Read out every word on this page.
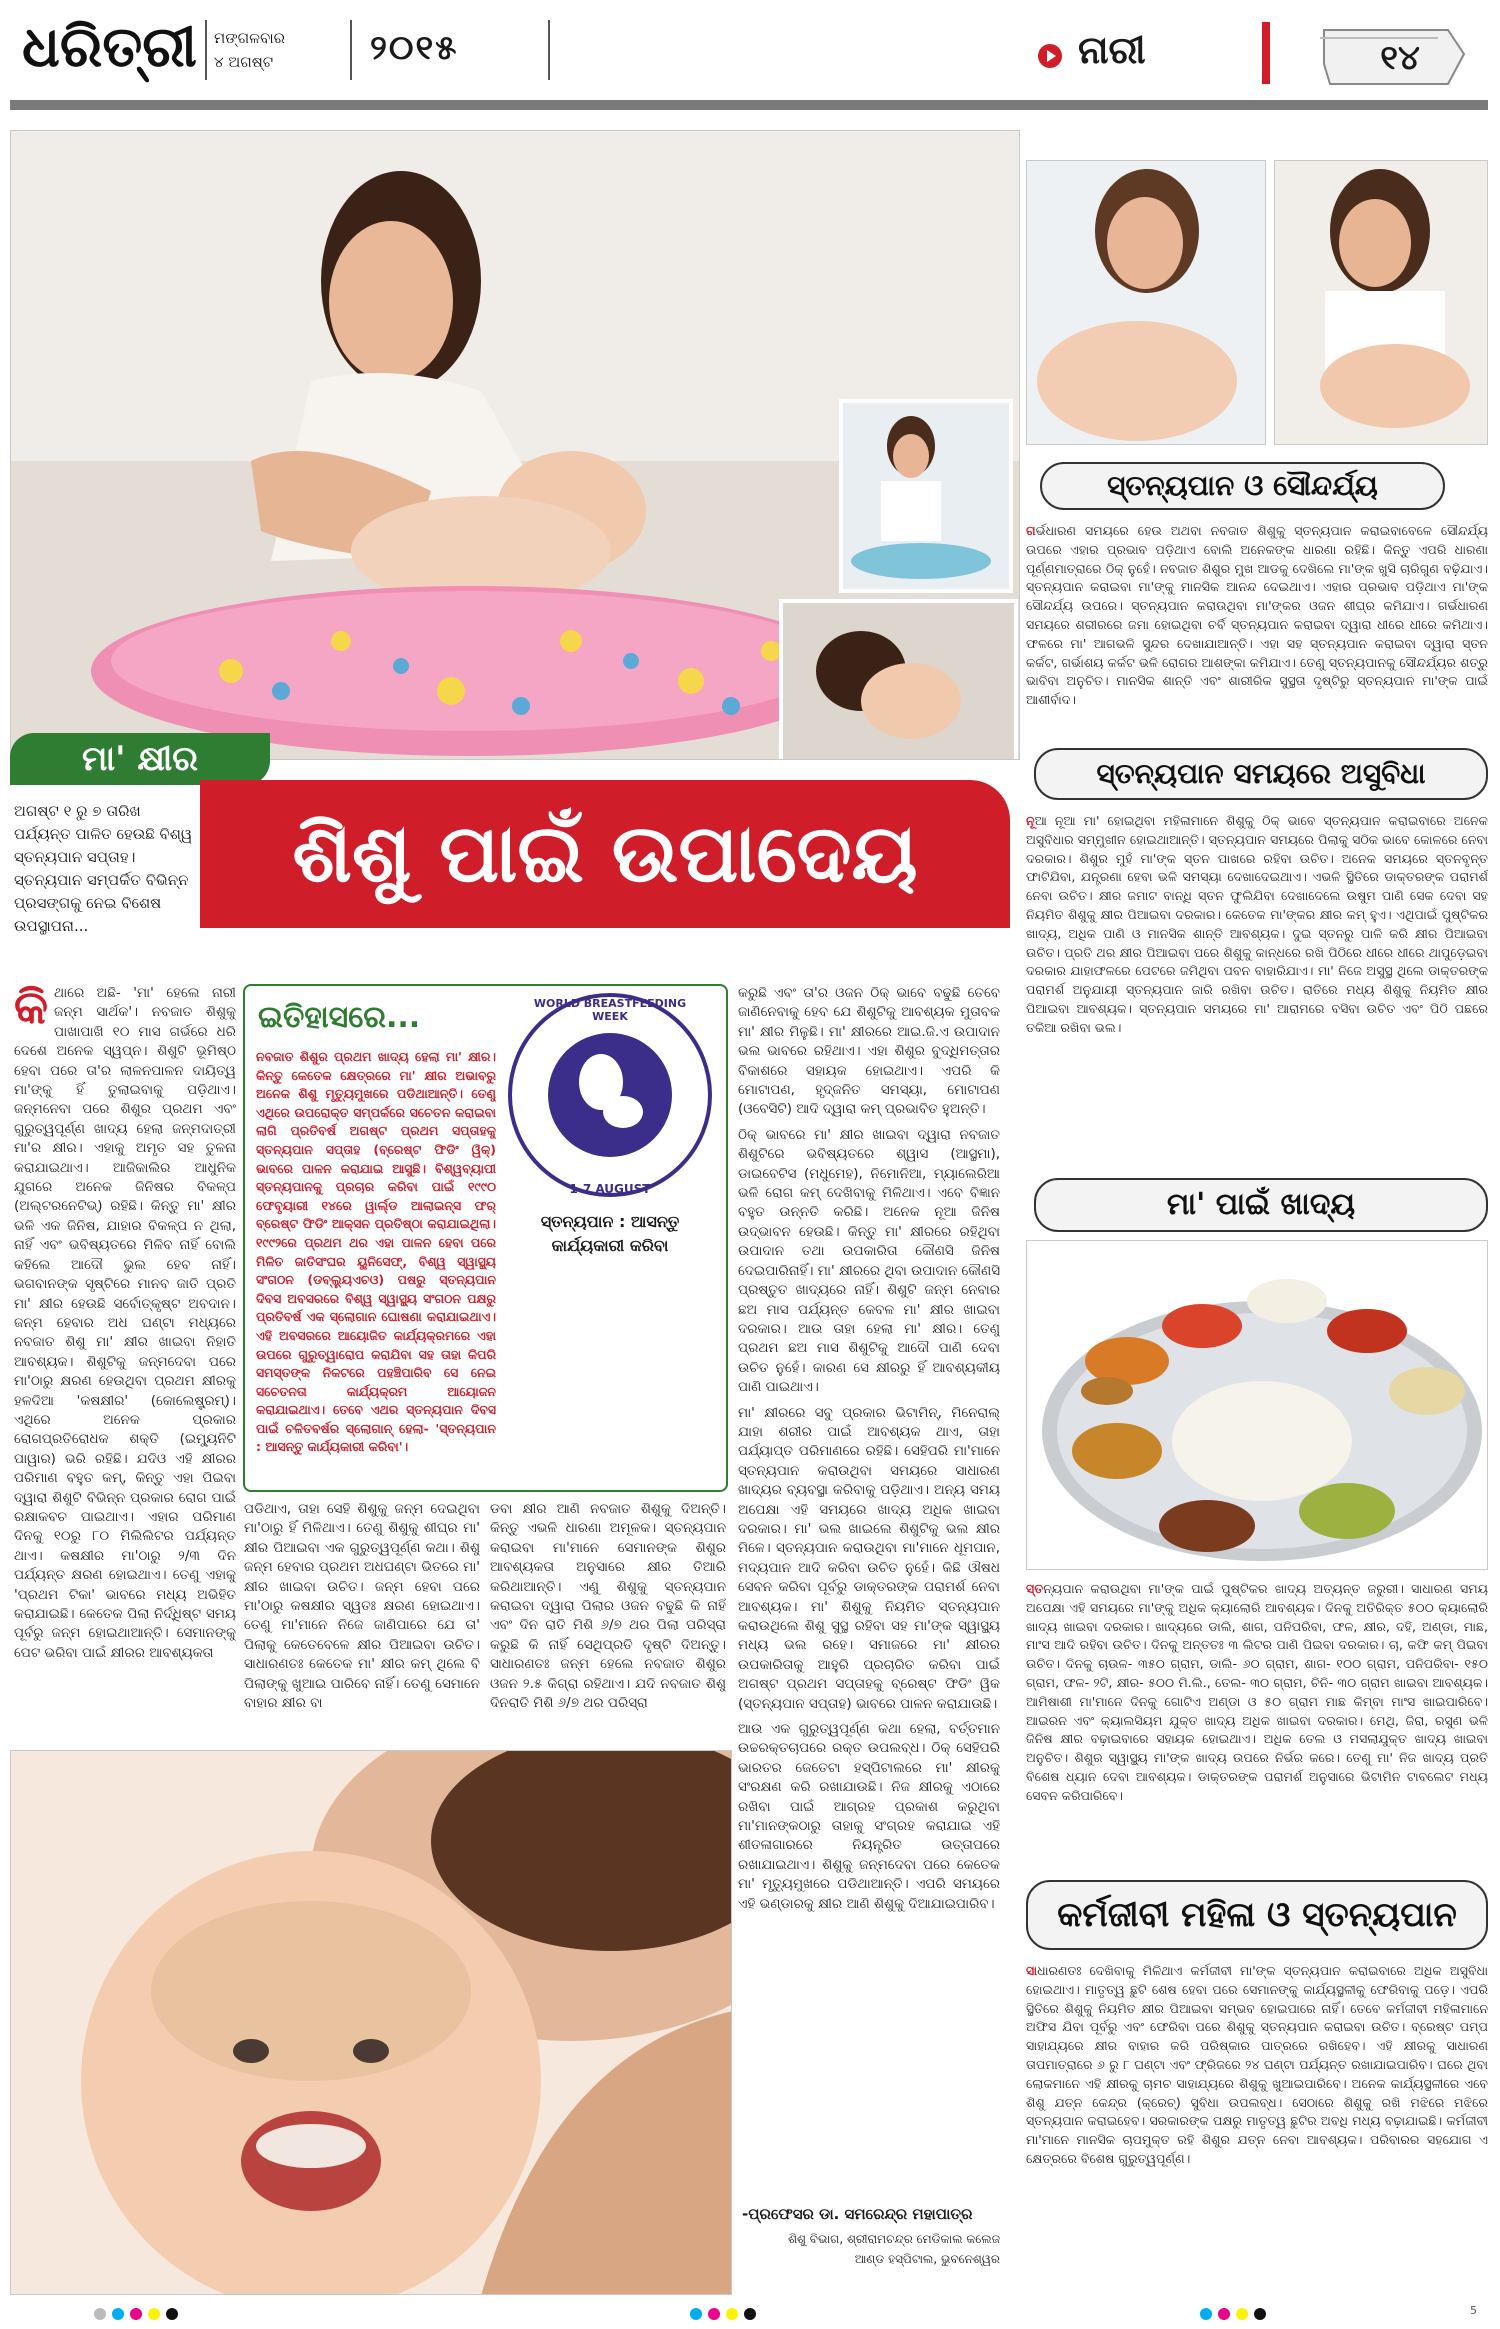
ଧରିତ୍ରୀ ମଙ୍ଗଳବାର
୪ ଅଗଷ୍ଟ	୨୦୧୫	ନାରୀ	୧୪
ମା' କ୍ଷୀର
ଅଗଷ୍ଟ ୧ ରୁ ୭ ତାରିଖ ପର୍ଯ୍ୟନ୍ତ ପାଳିତ ହେଉଛି ବିଶ୍ୱ ସ୍ତନ୍ୟପାନ ସପ୍ତାହ। ସ୍ତନ୍ୟପାନ ସମ୍ପର୍କିତ ବିଭିନ୍ନ ପ୍ରସଙ୍ଗକୁ ନେଇ ବିଶେଷ ଉପସ୍ଥାପନା...
ଶିଶୁ ପାଇଁ ଉପାଦେୟ
ଇତିହାସରେ...	WORLD BREASTFEEDING WEEK
1-7 AUGUST
ନବଜାତ ଶିଶୁର ପ୍ରଥମ ଖାଦ୍ୟ ହେଲା ମା' କ୍ଷୀର। କିନ୍ତୁ କେତେକ କ୍ଷେତ୍ରରେ ମା' କ୍ଷୀର ଅଭାବରୁ ଅନେକ ଶିଶୁ ମୃତ୍ୟୁମୁଖରେ ପଡିଥାଆନ୍ତି। ତେଣୁ ଏଥିରେ ଉପରୋକ୍ତ ସମ୍ପର୍କରେ ସଚେତନ କରାଇବା ଲାଗି ପ୍ରତିବର୍ଷ ଅଗଷ୍ଟ ପ୍ରଥମ ସପ୍ତାହକୁ ସ୍ତନ୍ୟପାନ ସପ୍ତାହ (ବ୍ରେଷ୍ଟ ଫିଡିଂ ୱିକ୍) ଭାବରେ ପାଳନ କରାଯାଇ ଆସୁଛି। ବିଶ୍ୱବ୍ୟାପୀ ସ୍ତନ୍ୟପାନକୁ ପ୍ରଚାର କରିବା ପାଇଁ ୧୯୯୦ ଫେବୃୟାରୀ ୧୪ରେ ୱାର୍ଲ୍ଡ ଆଲାଇନ୍ସ ଫର୍ ବ୍ରେଷ୍ଟ ଫିଡିଂ ଆକ୍ସନ ପ୍ରତିଷ୍ଠା କରାଯାଇଥିଲା। ୧୯୯୨ରେ ପ୍ରଥମ ଥର ଏହା ପାଳନ ହେବା ପରେ ମିଳିତ ଜାତିସଂଘର ୟୁନିସେଫ୍, ବିଶ୍ୱ ସ୍ୱାସ୍ଥ୍ୟ ସଂଗଠନ (ଡବ୍ଲ୍ୟୁଏଚଓ) ପଷରୁ ସ୍ତନ୍ୟପାନ ଦିବସ ଅବସରରେ ବିଶ୍ୱ ସ୍ୱାସ୍ଥ୍ୟ ସଂଗଠନ ପକ୍ଷରୁ ପ୍ରତିବର୍ଷ ଏକ ସ୍ଲୋଗାନ ଘୋଷଣା କରାଯାଇଥାଏ। ଏହି ଅବସରରେ ଆୟୋଜିତ କାର୍ଯ୍ୟକ୍ରମରେ ଏହା ଉପରେ ଗୁରୁତ୍ୱାରୋପ କରାଯିବା ସହ ତାହା କିପରି ସମସ୍ତଙ୍କ ନିକଟରେ ପହଞ୍ଚିପାରିବ ସେ ନେଇ ସଚେତନତା କାର୍ଯ୍ୟକ୍ରମ ଆୟୋଜନ କରାଯାଇଥାଏ। ତେବେ ଏଥର ସ୍ତନ୍ୟପାନ ଦିବସ ପାଇଁ ଚଳିତବର୍ଷର ସ୍ଲୋଗାନ୍ ହେଲା- 'ସ୍ତନ୍ୟପାନ : ଆସନ୍ତୁ କାର୍ଯ୍ୟକାରୀ କରିବା'।
ସ୍ତନ୍ୟପାନ : ଆସନ୍ତୁ
କାର୍ଯ୍ୟକାରୀ କରିବା
କି ଥାରେ ଅଛି- 'ମା' ହେଲେ ନାରୀ ଜନ୍ମ ସାର୍ଥକ'। ନବଜାତ ଶିଶୁକୁ ପାଖାପାଖି ୧୦ ମାସ ଗର୍ଭରେ ଧରି ଦେଶେ ଅନେକ ସ୍ୱପ୍ନ। ଶିଶୁଟି ଭୂମିଷ୍ଠ ହେବା ପରେ ତା'ର ଲାଳନପାଳନ ଦାୟିତ୍ୱ ମା'ଙ୍କୁ ହିଁ ତୁଲାଇବାକୁ ପଡ଼ିଥାଏ। ଜନ୍ମନେବା ପରେ ଶିଶୁର ପ୍ରଥମ ଏବଂ ଗୁରୁତ୍ୱପୂର୍ଣ୍ଣ ଖାଦ୍ୟ ହେଲା ଜନ୍ମଦାତ୍ରୀ ମା'ର କ୍ଷୀର। ଏହାକୁ ଅମୃତ ସହ ତୁଳନା କରାଯାଇଥାଏ। ଆଜିକାଲିର ଆଧୁନିକ ଯୁଗରେ ଅନେକ ଜିନିଷର ବିକଳ୍ପ (ଅଲ୍ଟରନେଟିଭ୍) ରହିଛି। କିନ୍ତୁ ମା' କ୍ଷୀର ଭଳି ଏକ ଜିନିଷ, ଯାହାର ବିକଳ୍ପ ନ ଥିଲା, ନାହିଁ ଏବଂ ଭବିଷ୍ୟତରେ ମିଳିବ ନାହିଁ ବୋଲି କହିଲେ ଆଦୌ ଭୁଲ ହେବ ନାହିଁ। ଭଗବାନଙ୍କ ସୃଷ୍ଟିରେ ମାନବ ଜାତି ପ୍ରତି ମା' କ୍ଷୀର ହେଉଛି ସର୍ବୋତ୍କୃଷ୍ଟ ଅବଦାନ। ଜନ୍ମ ହେବାର ଅଧ ଘଣ୍ଟା ମଧ୍ୟରେ ନବଜାତ ଶିଶୁ ମା' କ୍ଷୀର ଖାଇବା ନିହାତି ଆବଶ୍ୟକ। ଶିଶୁଟିକୁ ଜନ୍ମଦେବା ପରେ ମା'ଠାରୁ କ୍ଷରଣ ହେଉଥିବା ପ୍ରଥମ କ୍ଷୀରକୁ ହଳଦିଆ 'କଷକ୍ଷୀର' (କୋଲେଷ୍ଟ୍ରମ୍)। ଏଥିରେ ଅନେକ ପ୍ରକାର ରୋଗପ୍ରତିରୋଧକ ଶକ୍ତି (ଇମ୍ୟୁନିଟି ପାୱାର) ଭରି ରହିଛି। ଯଦିଓ ଏହି କ୍ଷୀରର ପରିମାଣ ବହୁତ କମ୍, କିନ୍ତୁ ଏହା ପିଇବା ଦ୍ୱାରା ଶିଶୁଟି ବିଭିନ୍ନ ପ୍ରକାର ରୋଗ ପାଇଁ ରକ୍ଷାକବଚ ପାଇଥାଏ। ଏହାର ପରିମାଣ ଦିନକୁ ୧୦ରୁ ୮୦ ମିଲିଲିଟର ପର୍ଯ୍ୟନ୍ତ ଥାଏ। କଷକ୍ଷୀର ମା'ଠାରୁ ୨/୩ ଦିନ ପର୍ଯ୍ୟନ୍ତ କ୍ଷରଣ ହୋଇଥାଏ। ତେଣୁ ଏହାକୁ 'ପ୍ରଥମ ଟିକା' ଭାବରେ ମଧ୍ୟ ଅଭିହିତ କରାଯାଇଛି। କେତେକ ପିଲା ନିର୍ଦ୍ଧିଷ୍ଟ ସମୟ ପୂର୍ବରୁ ଜନ୍ମ ହୋଇଥାଆନ୍ତି। ସେମାନଙ୍କୁ ପେଟ ଭରିବା ପାଇଁ କ୍ଷୀରର ଆବଶ୍ୟକତା
ପଡିଥାଏ, ତାହା ସେହି ଶିଶୁକୁ ଜନ୍ମ ଦେଇଥିବା ମା'ଠାରୁ ହିଁ ମିଳିଥାଏ। ତେଣୁ ଶିଶୁକୁ ଶୀଘ୍ର ମା' କ୍ଷୀର ପିଆଇବା ଏକ ଗୁରୁତ୍ୱପୂର୍ଣ୍ଣ କଥା। ଶିଶୁ ଜନ୍ମ ହେବାର ପ୍ରଥମ ଅଧଘଣ୍ଟା ଭିତରେ ମା' କ୍ଷୀର ଖାଇବା ଉଚିତ। ଜନ୍ମ ହେବା ପରେ ମା'ଠାରୁ କଷକ୍ଷୀର ସ୍ୱତଃ କ୍ଷରଣ ହୋଇଥାଏ। ତେଣୁ ମା'ମାନେ ନିଜେ ଜାଣିପାରେ ଯେ ତା' ପିଲାକୁ କେତେବେଳେ କ୍ଷୀର ପିଆଇବା ଉଚିତ। ସାଧାରଣତଃ କେତେକ ମା' କ୍ଷୀର କମ୍ ଥିଲେ ବି ପିଲାଙ୍କୁ ଖୁଆଇ ପାରିବେ ନାହିଁ। ତେଣୁ ସେମାନେ ବାହାର କ୍ଷୀର ବା
ଡବା କ୍ଷୀର ଆଣି ନବଜାତ ଶିଶୁକୁ ଦିଅନ୍ତି। କିନ୍ତୁ ଏଭଳି ଧାରଣା ଅମୂଳକ। ସ୍ତନ୍ୟପାନ କରାଇବା ମା'ମାନେ ସେମାନଙ୍କ ଶିଶୁର ଆବଶ୍ୟକତା ଅନୁସାରେ କ୍ଷୀର ତିଆରି କରିଥାଆନ୍ତି। ଏଣୁ ଶିଶୁକୁ ସ୍ତନ୍ୟପାନ କରାଇବା ଦ୍ୱାରା ପିଲାର ଓଜନ ବଢୁଛି କି ନାହିଁ ଏବଂ ଦିନ ରାତି ମିଶି ୬/୭ ଥର ପିଲା ପରିସ୍ରା କରୁଛି କି ନାହିଁ ସେଥିପ୍ରତି ଦୃଷ୍ଟି ଦିଅନ୍ତୁ। ସାଧାରଣତଃ ଜନ୍ମ ହେଲେ ନବଜାତ ଶିଶୁର ଓଜନ ୨.୫ କିଗ୍ରା ରହିଥାଏ। ଯଦି ନବଜାତ ଶିଶୁ ଦିନରାତି ମିଶି ୬/୭ ଥର ପରିସ୍ରା

କରୁଛି ଏବଂ ତା'ର ଓଜନ ଠିକ୍ ଭାବେ ବଢୁଛି ତେବେ ଜାଣିନେବାକୁ ହେବ ଯେ ଶିଶୁଟିକୁ ଆବଶ୍ୟକ ମୁତାବକ ମା' କ୍ଷୀର ମିଳୁଛି। ମା' କ୍ଷୀରରେ ଆଇ.ଜି.ଏ ଉପାଦାନ ଭଲ ଭାବରେ ରହିଥାଏ। ଏହା ଶିଶୁର ବୁଦ୍ଧିମତ୍ତାର ବିକାଶରେ ସହାୟକ ହୋଇଥାଏ। ଏପରି କି ମୋଟାପଣ, ହୃଦ୍‌ଜନିତ ସମସ୍ୟା, ମୋଟାପଣ (ଓବେସିଟି) ଆଦି ଦ୍ୱାରା କମ୍ ପ୍ରଭାବିତ ହୁଅନ୍ତି।

ଠିକ୍ ଭାବରେ ମା' କ୍ଷୀର ଖାଇବା ଦ୍ୱାରା ନବଜାତ ଶିଶୁଟିରେ ଭବିଷ୍ୟତରେ ଶ୍ୱାସ (ଆସ୍ଥମା), ଡାଇବେଟିସ (ମଧୁମେହ), ନିମୋନିଆ, ମ୍ୟାଲେରିଆ ଭଳି ରୋଗ କମ୍ ଦେଖିବାକୁ ମିଳିଥାଏ। ଏବେ ବିଜ୍ଞାନ ବହୁତ ଉନ୍ନତି କରିଛି। ଅନେକ ନୂଆ ଜିନିଷ ଉଦ୍ଭାବନ ହେଉଛି। କିନ୍ତୁ ମା' କ୍ଷୀରରେ ରହିଥିବା ଉପାଦାନ ତଥା ଉପକାରିତା କୌଣସି ଜିନିଷ ଦେଇପାରିନାହିଁ। ମା' କ୍ଷୀରରେ ଥିବା ଉପାଦାନ କୌଣସି ପ୍ରଷ୍ତୁତ ଖାଦ୍ୟରେ ନାହିଁ। ଶିଶୁଟି ଜନ୍ମ ନେବାର ଛଅ ମାସ ପର୍ଯ୍ୟନ୍ତ କେବଳ ମା' କ୍ଷୀର ଖାଇବା ଦରକାର। ଆଉ ତାହା ହେଲା ମା' କ୍ଷୀର। ତେଣୁ ପ୍ରଥମ ଛଅ ମାସ ଶିଶୁଟିକୁ ଆଦୌ ପାଣି ଦେବା ଉଚିତ ନୁହେଁ। କାରଣ ସେ କ୍ଷୀରରୁ ହିଁ ଆବଶ୍ୟକୀୟ ପାଣି ପାଇଥାଏ।

ମା' କ୍ଷୀରରେ ସବୁ ପ୍ରକାର ଭିଟାମିନ୍, ମିନେରାଲ୍ ଯାହା ଶରୀର ପାଇଁ ଆବଶ୍ୟକ ଥାଏ, ତାହା ପର୍ଯ୍ୟାପ୍ତ ପରିମାଣରେ ରହିଛି। ସେହିପରି ମା'ମାନେ ସ୍ତନ୍ୟପାନ କରାଉଥିବା ସମୟରେ ସାଧାରଣ ଖାଦ୍ୟର ବ୍ୟବସ୍ଥା କରିବାକୁ ପଡ଼ିଥାଏ। ଅନ୍ୟ ସମୟ ଅପେକ୍ଷା ଏହି ସମୟରେ ଖାଦ୍ୟ ଅଧିକ ଖାଇବା ଦରକାର। ମା' ଭଲ ଖାଇଲେ ଶିଶୁଟିକୁ ଭଲ କ୍ଷୀର ମିଳେ। ସ୍ତନ୍ୟପାନ କରାଉଥିବା ମା'ମାନେ ଧୂମପାନ, ମଦ୍ୟପାନ ଆଦି କରିବା ଉଚିତ ନୁହେଁ। କିଛି ଔଷଧ ସେବନ କରିବା ପୂର୍ବରୁ ଡାକ୍ତରଙ୍କ ପରାମର୍ଶ ନେବା ଆବଶ୍ୟକ। ମା' ଶିଶୁକୁ ନିୟମିତ ସ୍ତନ୍ୟପାନ କରାଉଥିଲେ ଶିଶୁ ସୁସ୍ଥ ରହିବା ସହ ମା'ଙ୍କ ସ୍ୱାସ୍ଥ୍ୟ ମଧ୍ୟ ଭଲ ରହେ। ସମାଜରେ ମା' କ୍ଷୀରର ଉପକାରିତାକୁ ଆହୁରି ପ୍ରଚାରିତ କରିବା ପାଇଁ ଅଗଷ୍ଟ ପ୍ରଥମ ସପ୍ତାହକୁ ବ୍ରେଷ୍ଟ ଫିଡିଂ ୱିକ (ସ୍ତନ୍ୟପାନ ସପ୍ତାହ) ଭାବରେ ପାଳନ କରାଯାଉଛି।

ଆଉ ଏକ ଗୁରୁତ୍ୱପୂର୍ଣ୍ଣ କଥା ହେଲା, ବର୍ତ୍ତମାନ ଉଚ୍ଚରକ୍ତଚାପରେ ରକ୍ତ ଉପଲବ୍ଧ। ଠିକ୍ ସେହିପରି ଭାରତର ଜେତେଟା ହସ୍ପିଟାଲରେ ମା' କ୍ଷୀରକୁ ସଂରକ୍ଷଣ କରି ରଖାଯାଉଛି। ନିଜ କ୍ଷୀରକୁ ଏଠାରେ ରଖିବା ପାଇଁ ଆଗ୍ରହ ପ୍ରକାଶ କରୁଥିବା ମା'ମାନଙ୍କଠାରୁ ତାହାକୁ ସଂଗ୍ରହ କରାଯାଇ ଏହି ଶୀତଳାଗାରରେ ନିୟନ୍ତ୍ରିତ ଉତ୍ତାପରେ ରଖାଯାଇଥାଏ। ଶିଶୁକୁ ଜନ୍ମଦେବା ପରେ କେତେକ ମା' ମୃତ୍ୟୁମୁଖରେ ପଡିଥାଆନ୍ତି। ଏପରି ସମୟରେ ଏହି ଭଣ୍ଡାରକୁ କ୍ଷୀର ଆଣି ଶିଶୁକୁ ଦିଆଯାଇପାରିବ।

-ପ୍ରଫେସର ଡା. ସମରେନ୍ଦ୍ର ମହାପାତ୍ର
ଶିଶୁ ବିଭାଗ, ଶ୍ରୀରାମଚନ୍ଦ୍ର ମେଡିକାଲ କଲେଜ
ଆଣ୍ଡ ହସ୍ପିଟାଲ, ଭୁବନେଶ୍ୱର
ସ୍ତନ୍ୟପାନ ଓ ସୌନ୍ଦର୍ଯ୍ୟ
ଗର୍ଭଧାରଣ ସମୟରେ ହେଉ ଅଥବା ନବଜାତ ଶିଶୁକୁ ସ୍ତନ୍ୟପାନ କରାଇବାବେଳେ ସୌନ୍ଦର୍ଯ୍ୟ ଉପରେ ଏହାର ପ୍ରଭାବ ପଡ଼ିଥାଏ ବୋଲି ଅନେକଙ୍କ ଧାରଣା ରହିଛି। କିନ୍ତୁ ଏପରି ଧାରଣା ପୂର୍ଣ୍ଣମାତ୍ରାରେ ଠିକ୍ ନୁହେଁ। ନବଜାତ ଶିଶୁର ମୁଖ ଆଡକୁ ଦେଖିଲେ ମା'ଙ୍କ ଖୁସି ଚାରିଗୁଣ ବଢ଼ିଯାଏ। ସ୍ତନ୍ୟପାନ କରାଇବା ମା'ଙ୍କୁ ମାନସିକ ଆନନ୍ଦ ଦେଇଥାଏ। ଏହାର ପ୍ରଭାବ ପଡ଼ିଥାଏ ମା'ଙ୍କ ସୌନ୍ଦର୍ଯ୍ୟ ଉପରେ। ସ୍ତନ୍ୟପାନ କରାଉଥିବା ମା'ଙ୍କର ଓଜନ ଶୀଘ୍ର କମିଯାଏ। ଗର୍ଭଧାରଣ ସମୟରେ ଶରୀରରେ ଜମା ହୋଇଥିବା ଚର୍ବି ସ୍ତନ୍ୟପାନ କରାଇବା ଦ୍ୱାରା ଧୀରେ ଧୀରେ କମିଥାଏ। ଫଳରେ ମା' ଆଗଭଳି ସୁନ୍ଦର ଦେଖାଯାଆନ୍ତି। ଏହା ସହ ସ୍ତନ୍ୟପାନ କରାଇବା ଦ୍ୱାରା ସ୍ତନ କର୍କଟ, ଗର୍ଭାଶୟ କର୍କଟ ଭଳି ରୋଗର ଆଶଙ୍କା କମିଯାଏ। ତେଣୁ ସ୍ତନ୍ୟପାନକୁ ସୌନ୍ଦର୍ଯ୍ୟର ଶତ୍ରୁ ଭାବିବା ଅନୁଚିତ। ମାନସିକ ଶାନ୍ତି ଏବଂ ଶାରୀରିକ ସୁସ୍ଥତା ଦୃଷ୍ଟିରୁ ସ୍ତନ୍ୟପାନ ମା'ଙ୍କ ପାଇଁ ଆଶୀର୍ବାଦ।
ସ୍ତନ୍ୟପାନ ସମୟରେ ଅସୁବିଧା
ନୂଆ ନୂଆ ମା' ହୋଇଥିବା ମହିଳାମାନେ ଶିଶୁକୁ ଠିକ୍ ଭାବେ ସ୍ତନ୍ୟପାନ କରାଇବାରେ ଅନେକ ଅସୁବିଧାର ସମ୍ମୁଖୀନ ହୋଇଥାଆନ୍ତି। ସ୍ତନ୍ୟପାନ ସମୟରେ ପିଲାକୁ ସଠିକ ଭାବେ କୋଳରେ ନେବା ଦରକାର। ଶିଶୁର ମୁହଁ ମା'ଙ୍କ ସ୍ତନ ପାଖରେ ରହିବା ଉଚିତ। ଅନେକ ସମୟରେ ସ୍ତନବୃନ୍ତ ଫାଟିଯିବା, ଯନ୍ତ୍ରଣା ହେବା ଭଳି ସମସ୍ୟା ଦେଖାଦେଇଥାଏ। ଏଭଳି ସ୍ଥିତିରେ ଡାକ୍ତରଙ୍କ ପରାମର୍ଶ ନେବା ଉଚିତ। କ୍ଷୀର ଜମାଟ ବାନ୍ଧି ସ୍ତନ ଫୁଲିଯିବା ଦେଖାଦେଲେ ଉଷୁମ ପାଣି ସେକ ଦେବା ସହ ନିୟମିତ ଶିଶୁକୁ କ୍ଷୀର ପିଆଇବା ଦରକାର। କେତେକ ମା'ଙ୍କର କ୍ଷୀର କମ୍ ହୁଏ। ଏଥିପାଇଁ ପୁଷ୍ଟିକର ଖାଦ୍ୟ, ଅଧିକ ପାଣି ଓ ମାନସିକ ଶାନ୍ତି ଆବଶ୍ୟକ। ଦୁଇ ସ୍ତନରୁ ପାଳି କରି କ୍ଷୀର ପିଆଇବା ଉଚିତ। ପ୍ରତି ଥର କ୍ଷୀର ପିଆଇବା ପରେ ଶିଶୁକୁ କାନ୍ଧରେ ରଖି ପିଠିରେ ଧୀରେ ଧୀରେ ଥାପୁଡ଼େଇବା ଦରକାର ଯାହାଫଳରେ ପେଟରେ ଜମିଥିବା ପବନ ବାହାରିଯାଏ। ମା' ନିଜେ ଅସୁସ୍ଥ ଥିଲେ ଡାକ୍ତରଙ୍କ ପରାମର୍ଶ ଅନୁଯାୟୀ ସ୍ତନ୍ୟପାନ ଜାରି ରଖିବା ଉଚିତ। ରାତିରେ ମଧ୍ୟ ଶିଶୁକୁ ନିୟମିତ କ୍ଷୀର ପିଆଇବା ଆବଶ୍ୟକ। ସ୍ତନ୍ୟପାନ ସମୟରେ ମା' ଆରାମରେ ବସିବା ଉଚିତ ଏବଂ ପିଠି ପଛରେ ତକିଆ ରଖିବା ଭଲ।
ମା' ପାଇଁ ଖାଦ୍ୟ
ସ୍ତନ୍ୟପାନ କରାଉଥିବା ମା'ଙ୍କ ପାଇଁ ପୁଷ୍ଟିକର ଖାଦ୍ୟ ଅତ୍ୟନ୍ତ ଜରୁରୀ। ସାଧାରଣ ସମୟ ଅପେକ୍ଷା ଏହି ସମୟରେ ମା'ଙ୍କୁ ଅଧିକ କ୍ୟାଲୋରି ଆବଶ୍ୟକ। ଦିନକୁ ଅତିରିକ୍ତ ୫୦୦ କ୍ୟାଲୋରି ଖାଦ୍ୟ ଖାଇବା ଦରକାର। ଖାଦ୍ୟରେ ଡାଲି, ଶାଗ, ପନିପରିବା, ଫଳ, କ୍ଷୀର, ଦହି, ଅଣ୍ଡା, ମାଛ, ମାଂସ ଆଦି ରହିବା ଉଚିତ। ଦିନକୁ ଅନ୍ତତଃ ୩ ଲିଟର ପାଣି ପିଇବା ଦରକାର। ଚା, କଫି କମ୍ ପିଇବା ଉଚିତ। ଦିନକୁ ଚାଉଳ- ୩୫୦ ଗ୍ରାମ, ଡାଲି- ୬୦ ଗ୍ରାମ, ଶାଗ- ୧୦୦ ଗ୍ରାମ, ପନିପରିବା- ୧୫୦ ଗ୍ରାମ, ଫଳ- ୨ଟି, କ୍ଷୀର- ୫୦୦ ମି.ଲି., ତେଲ- ୩୦ ଗ୍ରାମ, ଚିନି- ୩୦ ଗ୍ରାମ ଖାଇବା ଆବଶ୍ୟକ। ଆମିଷାଶୀ ମା'ମାନେ ଦିନକୁ ଗୋଟିଏ ଅଣ୍ଡା ଓ ୫୦ ଗ୍ରାମ ମାଛ କିମ୍ବା ମାଂସ ଖାଇପାରିବେ। ଆଇରନ ଏବଂ କ୍ୟାଲସିୟମ ଯୁକ୍ତ ଖାଦ୍ୟ ଅଧିକ ଖାଇବା ଦରକାର। ମେଥି, ଜିରା, ରସୁଣ ଭଳି ଜିନିଷ କ୍ଷୀର ବଢ଼ାଇବାରେ ସହାୟକ ହୋଇଥାଏ। ଅଧିକ ତେଲ ଓ ମସଲାଯୁକ୍ତ ଖାଦ୍ୟ ଖାଇବା ଅନୁଚିତ। ଶିଶୁର ସ୍ୱାସ୍ଥ୍ୟ ମା'ଙ୍କ ଖାଦ୍ୟ ଉପରେ ନିର୍ଭର କରେ। ତେଣୁ ମା' ନିଜ ଖାଦ୍ୟ ପ୍ରତି ବିଶେଷ ଧ୍ୟାନ ଦେବା ଆବଶ୍ୟକ। ଡାକ୍ତରଙ୍କ ପରାମର୍ଶ ଅନୁସାରେ ଭିଟାମିନ ଟାବଲେଟ ମଧ୍ୟ ସେବନ କରିପାରିବେ।
କର୍ମଜୀବୀ ମହିଳା ଓ ସ୍ତନ୍ୟପାନ
ସାଧାରଣତଃ ଦେଖିବାକୁ ମିଳିଥାଏ କର୍ମଜୀବୀ ମା'ଙ୍କ ସ୍ତନ୍ୟପାନ କରାଇବାରେ ଅଧିକ ଅସୁବିଧା ହୋଇଥାଏ। ମାତୃତ୍ୱ ଛୁଟି ଶେଷ ହେବା ପରେ ସେମାନଙ୍କୁ କାର୍ଯ୍ୟସ୍ଥଳୀକୁ ଫେରିବାକୁ ପଡ଼େ। ଏପରି ସ୍ଥିତିରେ ଶିଶୁକୁ ନିୟମିତ କ୍ଷୀର ପିଆଇବା ସମ୍ଭବ ହୋଇପାରେ ନାହିଁ। ତେବେ କର୍ମଜୀବୀ ମହିଳାମାନେ ଅଫିସ ଯିବା ପୂର୍ବରୁ ଏବଂ ଫେରିବା ପରେ ଶିଶୁକୁ ସ୍ତନ୍ୟପାନ କରାଇବା ଉଚିତ। ବ୍ରେଷ୍ଟ ପମ୍ପ ସାହାଯ୍ୟରେ କ୍ଷୀର ବାହାର କରି ପରିଷ୍କାର ପାତ୍ରରେ ରଖିହେବ। ଏହି କ୍ଷୀରକୁ ସାଧାରଣ ତାପମାତ୍ରାରେ ୬ ରୁ ୮ ଘଣ୍ଟା ଏବଂ ଫ୍ରିଜରେ ୨୪ ଘଣ୍ଟା ପର୍ଯ୍ୟନ୍ତ ରଖାଯାଇପାରିବ। ଘରେ ଥିବା ଲୋକମାନେ ଏହି କ୍ଷୀରକୁ ଚାମଚ ସାହାଯ୍ୟରେ ଶିଶୁକୁ ଖୁଆଇପାରିବେ। ଅନେକ କାର୍ଯ୍ୟସ୍ଥଳୀରେ ଏବେ ଶିଶୁ ଯତ୍ନ କେନ୍ଦ୍ର (କ୍ରେଚ୍) ସୁବିଧା ଉପଲବ୍ଧ। ସେଠାରେ ଶିଶୁକୁ ରଖି ମଝିରେ ମଝିରେ ସ୍ତନ୍ୟପାନ କରାଇହେବ। ସରକାରଙ୍କ ପକ୍ଷରୁ ମାତୃତ୍ୱ ଛୁଟିର ଅବଧି ମଧ୍ୟ ବଢ଼ାଯାଇଛି। କର୍ମଜୀବୀ ମା'ମାନେ ମାନସିକ ଚାପମୁକ୍ତ ରହି ଶିଶୁର ଯତ୍ନ ନେବା ଆବଶ୍ୟକ। ପରିବାରର ସହଯୋଗ ଏ କ୍ଷେତ୍ରରେ ବିଶେଷ ଗୁରୁତ୍ୱପୂର୍ଣ୍ଣ।
5
